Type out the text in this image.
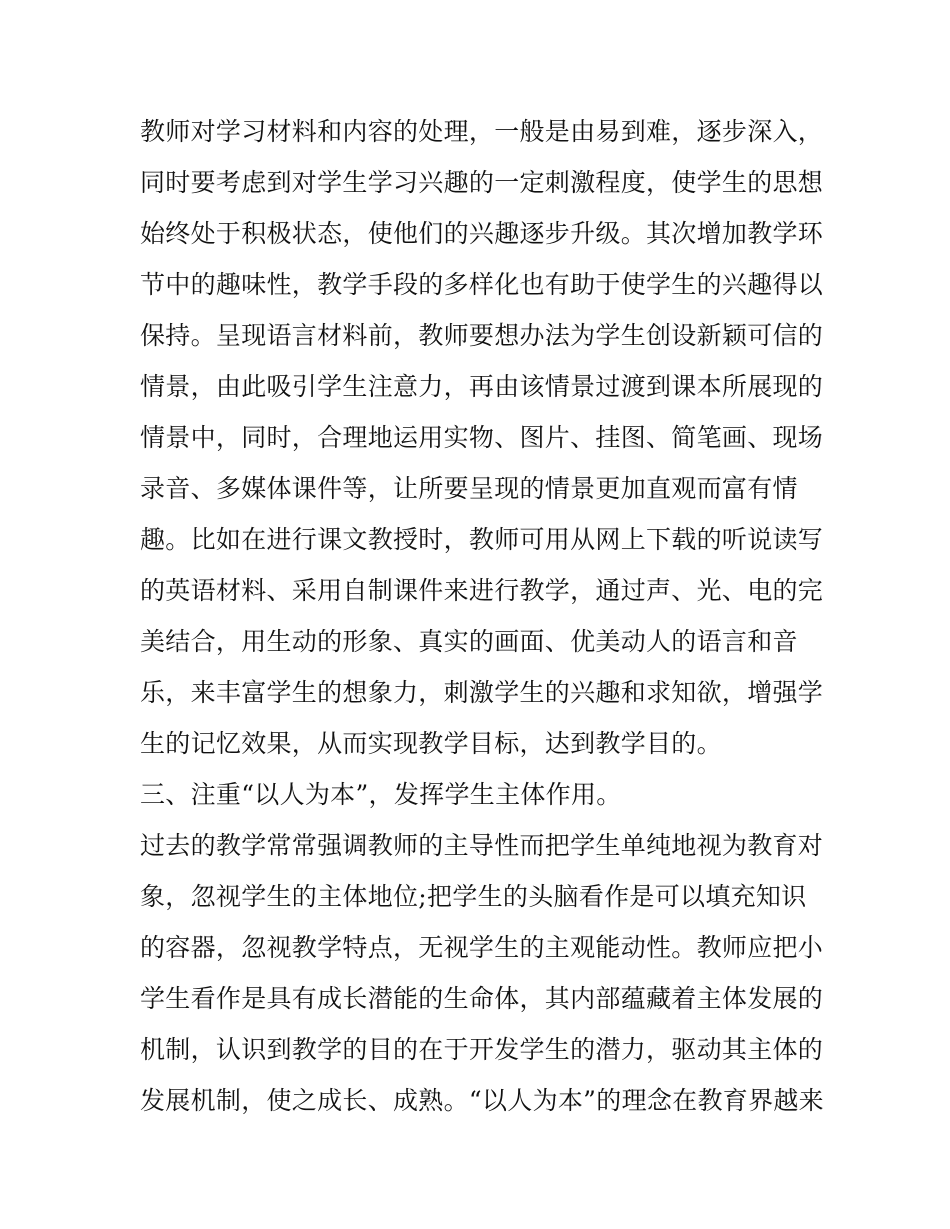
教师对学习材料和内容的处理，一般是由易到难，逐步深入，
同时要考虑到对学生学习兴趣的一定刺激程度，使学生的思想
始终处于积极状态，使他们的兴趣逐步升级。其次增加教学环
节中的趣味性，教学手段的多样化也有助于使学生的兴趣得以
保持。呈现语言材料前，教师要想办法为学生创设新颖可信的
情景，由此吸引学生注意力，再由该情景过渡到课本所展现的
情景中，同时，合理地运用实物、图片、挂图、简笔画、现场
录音、多媒体课件等，让所要呈现的情景更加直观而富有情
趣。比如在进行课文教授时，教师可用从网上下载的听说读写
的英语材料、采用自制课件来进行教学，通过声、光、电的完
美结合，用生动的形象、真实的画面、优美动人的语言和音
乐，来丰富学生的想象力，刺激学生的兴趣和求知欲，增强学
生的记忆效果，从而实现教学目标，达到教学目的。
三、注重“以人为本”，发挥学生主体作用。
过去的教学常常强调教师的主导性而把学生单纯地视为教育对
象，忽视学生的主体地位;把学生的头脑看作是可以填充知识
的容器，忽视教学特点，无视学生的主观能动性。教师应把小
学生看作是具有成长潜能的生命体，其内部蕴藏着主体发展的
机制，认识到教学的目的在于开发学生的潜力，驱动其主体的
发展机制，使之成长、成熟。“以人为本”的理念在教育界越来
